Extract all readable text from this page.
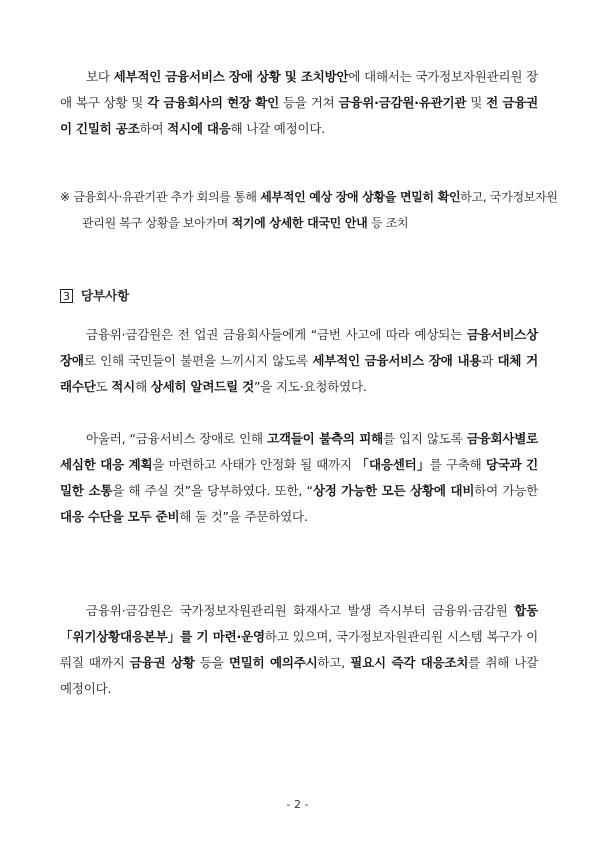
보다 세부적인 금융서비스 장애 상황 및 조치방안에 대해서는 국가정보자원관리원 장애 복구 상황 및 각 금융회사의 현장 확인 등을 거쳐 금융위·금감원·유관기관 및 전 금융권이 긴밀히 공조하여 적시에 대응해 나갈 예정이다.

※ 금융회사·유관기관 추가 회의를 통해 세부적인 예상 장애 상황을 면밀히 확인하고, 국가정보자원관리원 복구 상황을 보아가며 적기에 상세한 대국민 안내 등 조치

3 당부사항

금융위·금감원은 전 업권 금융회사들에게 “금번 사고에 따라 예상되는 금융서비스상 장애로 인해 국민들이 불편을 느끼시지 않도록 세부적인 금융서비스 장애 내용과 대체 거래수단도 적시해 상세히 알려드릴 것”을 지도·요청하였다.

아울러, “금융서비스 장애로 인해 고객들이 불측의 피해를 입지 않도록 금융회사별로 세심한 대응 계획을 마련하고 사태가 안정화 될 때까지 「대응센터」를 구축해 당국과 긴밀한 소통을 해 주실 것”을 당부하였다. 또한, “상정 가능한 모든 상황에 대비하여 가능한 대응 수단을 모두 준비해 둘 것”을 주문하였다.

금융위·금감원은 국가정보자원관리원 화재사고 발생 즉시부터 금융위·금감원 합동 「위기상황대응본부」를 기 마련·운영하고 있으며, 국가정보자원관리원 시스템 복구가 이뤄질 때까지 금융권 상황 등을 면밀히 예의주시하고, 필요시 즉각 대응조치를 취해 나갈 예정이다.

- 2 -
